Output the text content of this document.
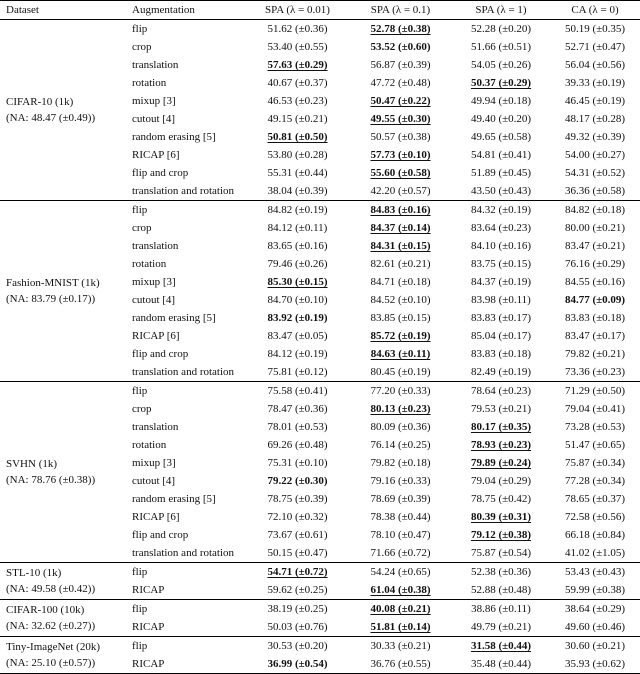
Dataset	Augmentation	SPA (λ = 0.01)	SPA (λ = 0.1)	SPA (λ = 1)	CA (λ = 0)

CIFAR-10 (1k)
(NA: 48.47 (±0.49))	flip	51.62 (±0.36)	52.78 (±0.38)	52.28 (±0.20)	50.19 (±0.35)
	crop	53.40 (±0.55)	53.52 (±0.60)	51.66 (±0.51)	52.71 (±0.47)
	translation	57.63 (±0.29)	56.87 (±0.39)	54.05 (±0.26)	56.04 (±0.56)
	rotation	40.67 (±0.37)	47.72 (±0.48)	50.37 (±0.29)	39.33 (±0.19)
	mixup [3]	46.53 (±0.23)	50.47 (±0.22)	49.94 (±0.18)	46.45 (±0.19)
	cutout [4]	49.15 (±0.21)	49.55 (±0.30)	49.40 (±0.20)	48.17 (±0.28)
	random erasing [5]	50.81 (±0.50)	50.57 (±0.38)	49.65 (±0.58)	49.32 (±0.39)
	RICAP [6]	53.80 (±0.28)	57.73 (±0.10)	54.81 (±0.41)	54.00 (±0.27)
	flip and crop	55.31 (±0.44)	55.60 (±0.58)	51.89 (±0.45)	54.31 (±0.52)
	translation and rotation	38.04 (±0.39)	42.20 (±0.57)	43.50 (±0.43)	36.36 (±0.58)

Fashion-MNIST (1k)
(NA: 83.79 (±0.17))	flip	84.82 (±0.19)	84.83 (±0.16)	84.32 (±0.19)	84.82 (±0.18)
	crop	84.12 (±0.11)	84.37 (±0.14)	83.64 (±0.23)	80.00 (±0.21)
	translation	83.65 (±0.16)	84.31 (±0.15)	84.10 (±0.16)	83.47 (±0.21)
	rotation	79.46 (±0.26)	82.61 (±0.21)	83.75 (±0.15)	76.16 (±0.29)
	mixup [3]	85.30 (±0.15)	84.71 (±0.18)	84.37 (±0.19)	84.55 (±0.16)
	cutout [4]	84.70 (±0.10)	84.52 (±0.10)	83.98 (±0.11)	84.77 (±0.09)
	random erasing [5]	83.92 (±0.19)	83.85 (±0.15)	83.83 (±0.17)	83.83 (±0.18)
	RICAP [6]	83.47 (±0.05)	85.72 (±0.19)	85.04 (±0.17)	83.47 (±0.17)
	flip and crop	84.12 (±0.19)	84.63 (±0.11)	83.83 (±0.18)	79.82 (±0.21)
	translation and rotation	75.81 (±0.12)	80.45 (±0.19)	82.49 (±0.19)	73.36 (±0.23)

SVHN (1k)
(NA: 78.76 (±0.38))	flip	75.58 (±0.41)	77.20 (±0.33)	78.64 (±0.23)	71.29 (±0.50)
	crop	78.47 (±0.36)	80.13 (±0.23)	79.53 (±0.21)	79.04 (±0.41)
	translation	78.01 (±0.53)	80.09 (±0.36)	80.17 (±0.35)	73.28 (±0.53)
	rotation	69.26 (±0.48)	76.14 (±0.25)	78.93 (±0.23)	51.47 (±0.65)
	mixup [3]	75.31 (±0.10)	79.82 (±0.18)	79.89 (±0.24)	75.87 (±0.34)
	cutout [4]	79.22 (±0.30)	79.16 (±0.33)	79.04 (±0.29)	77.28 (±0.34)
	random erasing [5]	78.75 (±0.39)	78.69 (±0.39)	78.75 (±0.42)	78.65 (±0.37)
	RICAP [6]	72.10 (±0.32)	78.38 (±0.44)	80.39 (±0.31)	72.58 (±0.56)
	flip and crop	73.67 (±0.61)	78.10 (±0.47)	79.12 (±0.38)	66.18 (±0.84)
	translation and rotation	50.15 (±0.47)	71.66 (±0.72)	75.87 (±0.54)	41.02 (±1.05)

STL-10 (1k)
(NA: 49.58 (±0.42))	flip	54.71 (±0.72)	54.24 (±0.65)	52.38 (±0.36)	53.43 (±0.43)
	RICAP	59.62 (±0.25)	61.04 (±0.38)	52.88 (±0.48)	59.99 (±0.38)

CIFAR-100 (10k)
(NA: 32.62 (±0.27))	flip	38.19 (±0.25)	40.08 (±0.21)	38.86 (±0.11)	38.64 (±0.29)
	RICAP	50.03 (±0.76)	51.81 (±0.14)	49.79 (±0.21)	49.60 (±0.46)

Tiny-ImageNet (20k)
(NA: 25.10 (±0.57))	flip	30.53 (±0.20)	30.33 (±0.21)	31.58 (±0.44)	30.60 (±0.21)
	RICAP	36.99 (±0.54)	36.76 (±0.55)	35.48 (±0.44)	35.93 (±0.62)
